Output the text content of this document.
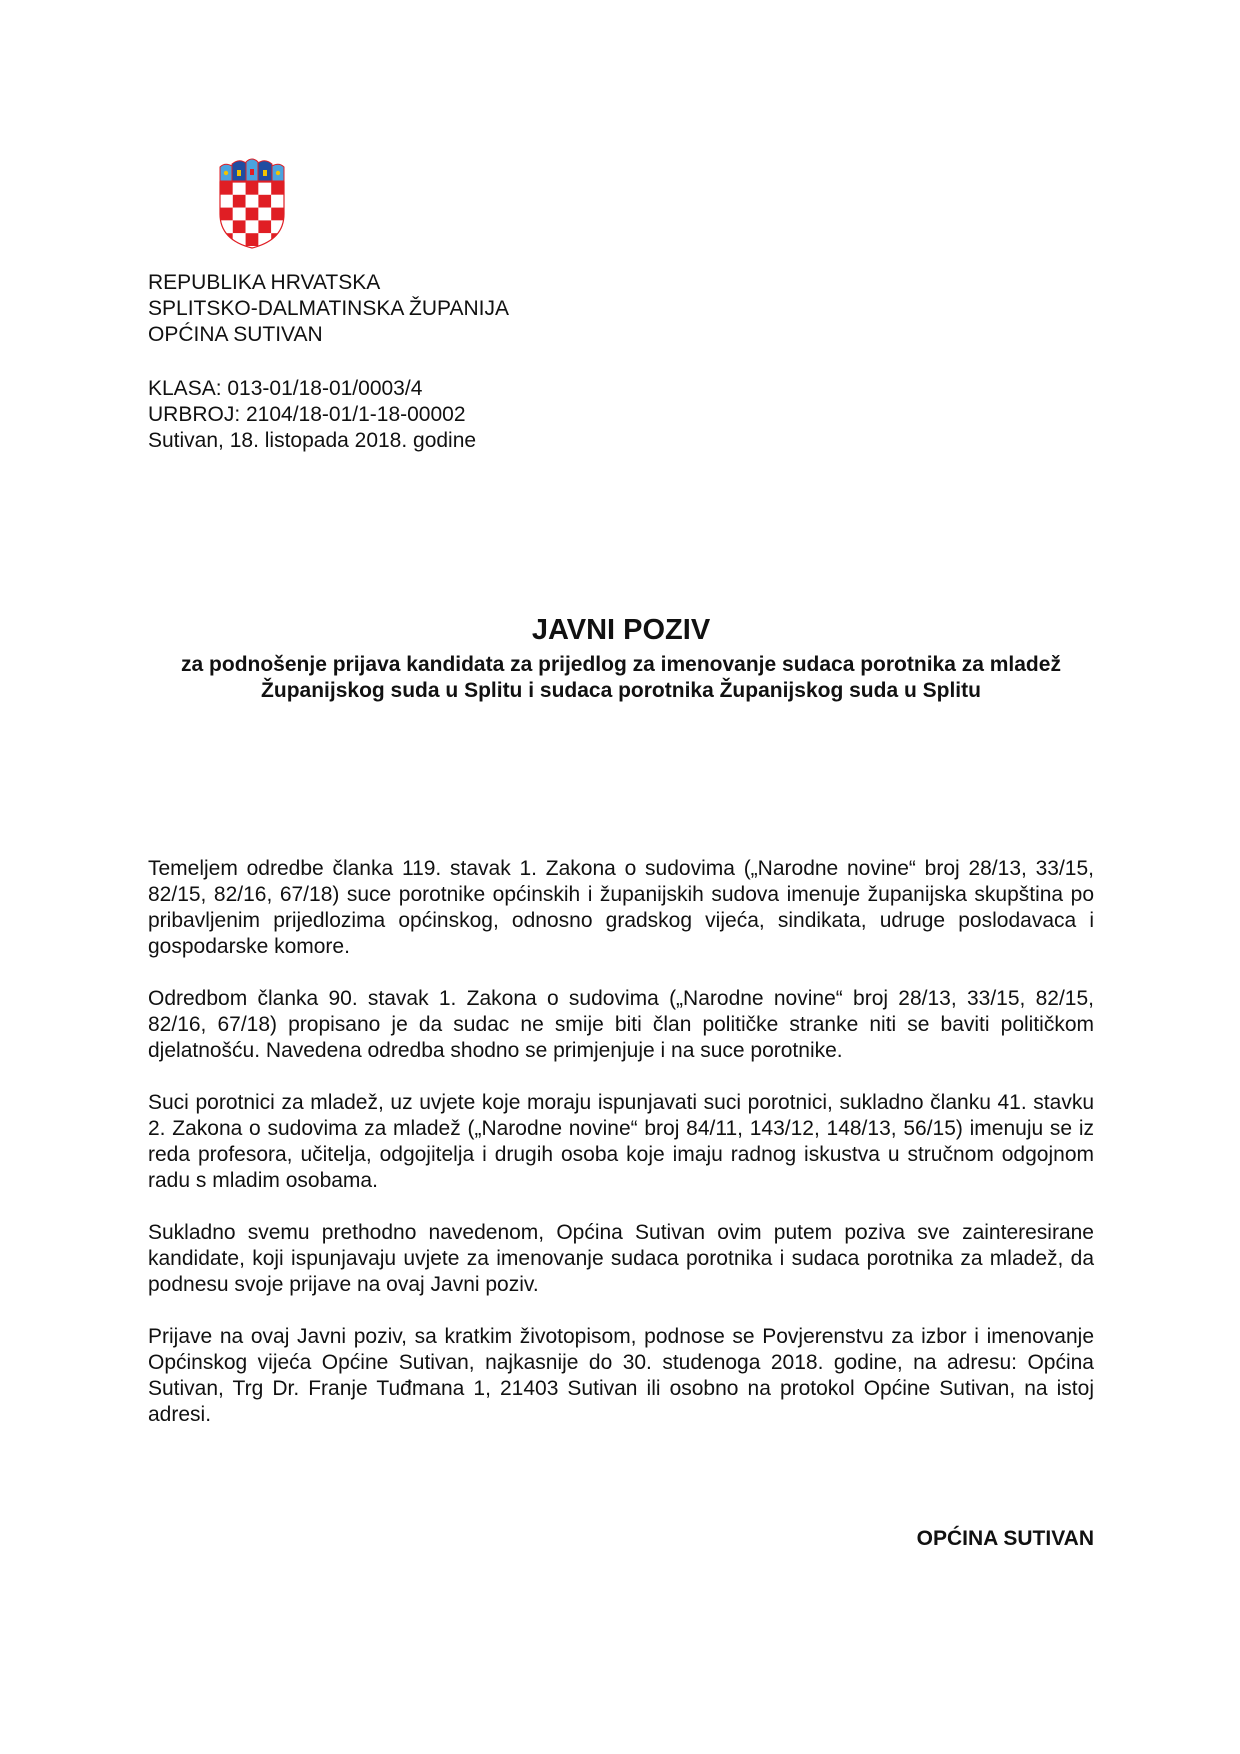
REPUBLIKA HRVATSKA
SPLITSKO-DALMATINSKA ŽUPANIJA
OPĆINA SUTIVAN
KLASA: 013-01/18-01/0003/4
URBROJ: 2104/18-01/1-18-00002
Sutivan, 18. listopada 2018. godine
JAVNI POZIV
za podnošenje prijava kandidata za prijedlog za imenovanje sudaca porotnika za mladež Županijskog suda u Splitu i sudaca porotnika Županijskog suda u Splitu

Temeljem odredbe članka 119. stavak 1. Zakona o sudovima („Narodne novine“ broj 28/13, 33/15, 82/15, 82/16, 67/18) suce porotnike općinskih i županijskih sudova imenuje županijska skupština po pribavljenim prijedlozima općinskog, odnosno gradskog vijeća, sindikata, udruge poslodavaca i gospodarske komore.

Odredbom članka 90. stavak 1. Zakona o sudovima („Narodne novine“ broj 28/13, 33/15, 82/15, 82/16, 67/18) propisano je da sudac ne smije biti član političke stranke niti se baviti političkom djelatnošću. Navedena odredba shodno se primjenjuje i na suce porotnike.

Suci porotnici za mladež, uz uvjete koje moraju ispunjavati suci porotnici, sukladno članku 41. stavku 2. Zakona o sudovima za mladež („Narodne novine“ broj 84/11, 143/12, 148/13, 56/15) imenuju se iz reda profesora, učitelja, odgojitelja i drugih osoba koje imaju radnog iskustva u stručnom odgojnom radu s mladim osobama.

Sukladno svemu prethodno navedenom, Općina Sutivan ovim putem poziva sve zainteresirane kandidate, koji ispunjavaju uvjete za imenovanje sudaca porotnika i sudaca porotnika za mladež, da podnesu svoje prijave na ovaj Javni poziv.

Prijave na ovaj Javni poziv, sa kratkim životopisom, podnose se Povjerenstvu za izbor i imenovanje Općinskog vijeća Općine Sutivan, najkasnije do 30. studenoga 2018. godine, na adresu: Općina Sutivan, Trg Dr. Franje Tuđmana 1, 21403 Sutivan ili osobno na protokol Općine Sutivan, na istoj adresi.

OPĆINA SUTIVAN
